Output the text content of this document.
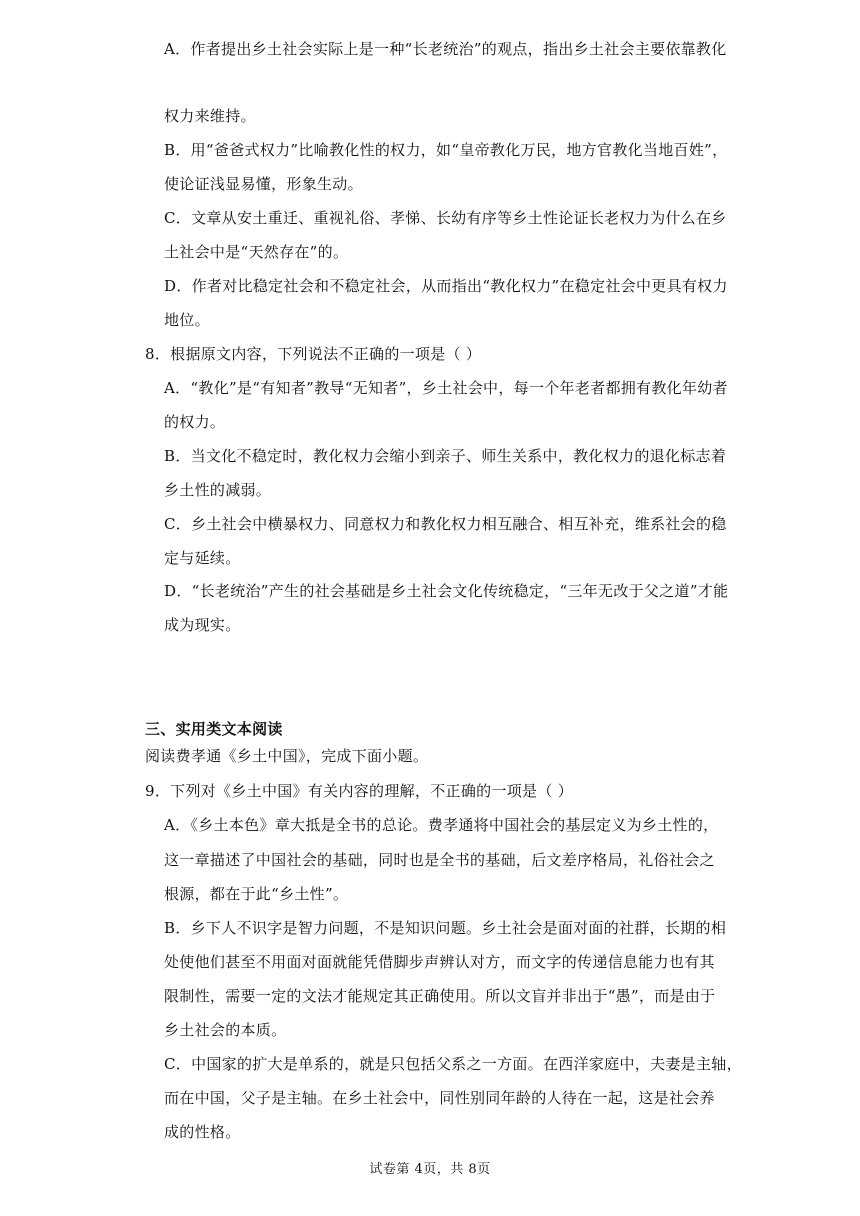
A．作者提出乡土社会实际上是一种“长老统治”的观点，指出乡土社会主要依靠教化
权力来维持。
B．用“爸爸式权力”比喻教化性的权力，如“皇帝教化万民，地方官教化当地百姓”，
使论证浅显易懂，形象生动。
C．文章从安土重迁、重视礼俗、孝悌、长幼有序等乡土性论证长老权力为什么在乡
土社会中是“天然存在”的。
D．作者对比稳定社会和不稳定社会，从而指出“教化权力”在稳定社会中更具有权力
地位。
8．根据原文内容，下列说法不正确的一项是（ ）
A．“教化”是“有知者”教导“无知者”，乡土社会中，每一个年老者都拥有教化年幼者
的权力。
B．当文化不稳定时，教化权力会缩小到亲子、师生关系中，教化权力的退化标志着
乡土性的减弱。
C．乡土社会中横暴权力、同意权力和教化权力相互融合、相互补充，维系社会的稳
定与延续。
D．“长老统治”产生的社会基础是乡土社会文化传统稳定，“三年无改于父之道”才能
成为现实。
三、实用类文本阅读
阅读费孝通《乡土中国》，完成下面小题。
9．下列对《乡土中国》有关内容的理解，不正确的一项是（ ）
A．《乡土本色》章大抵是全书的总论。费孝通将中国社会的基层定义为乡土性的，
这一章描述了中国社会的基础，同时也是全书的基础，后文差序格局，礼俗社会之
根源，都在于此“乡土性”。
B．乡下人不识字是智力问题，不是知识问题。乡土社会是面对面的社群，长期的相
处使他们甚至不用面对面就能凭借脚步声辨认对方，而文字的传递信息能力也有其
限制性，需要一定的文法才能规定其正确使用。所以文盲并非出于“愚”，而是由于
乡土社会的本质。
C．中国家的扩大是单系的，就是只包括父系之一方面。在西洋家庭中，夫妻是主轴，
而在中国，父子是主轴。在乡土社会中，同性别同年龄的人待在一起，这是社会养
成的性格。
试卷第 4页，共 8页
